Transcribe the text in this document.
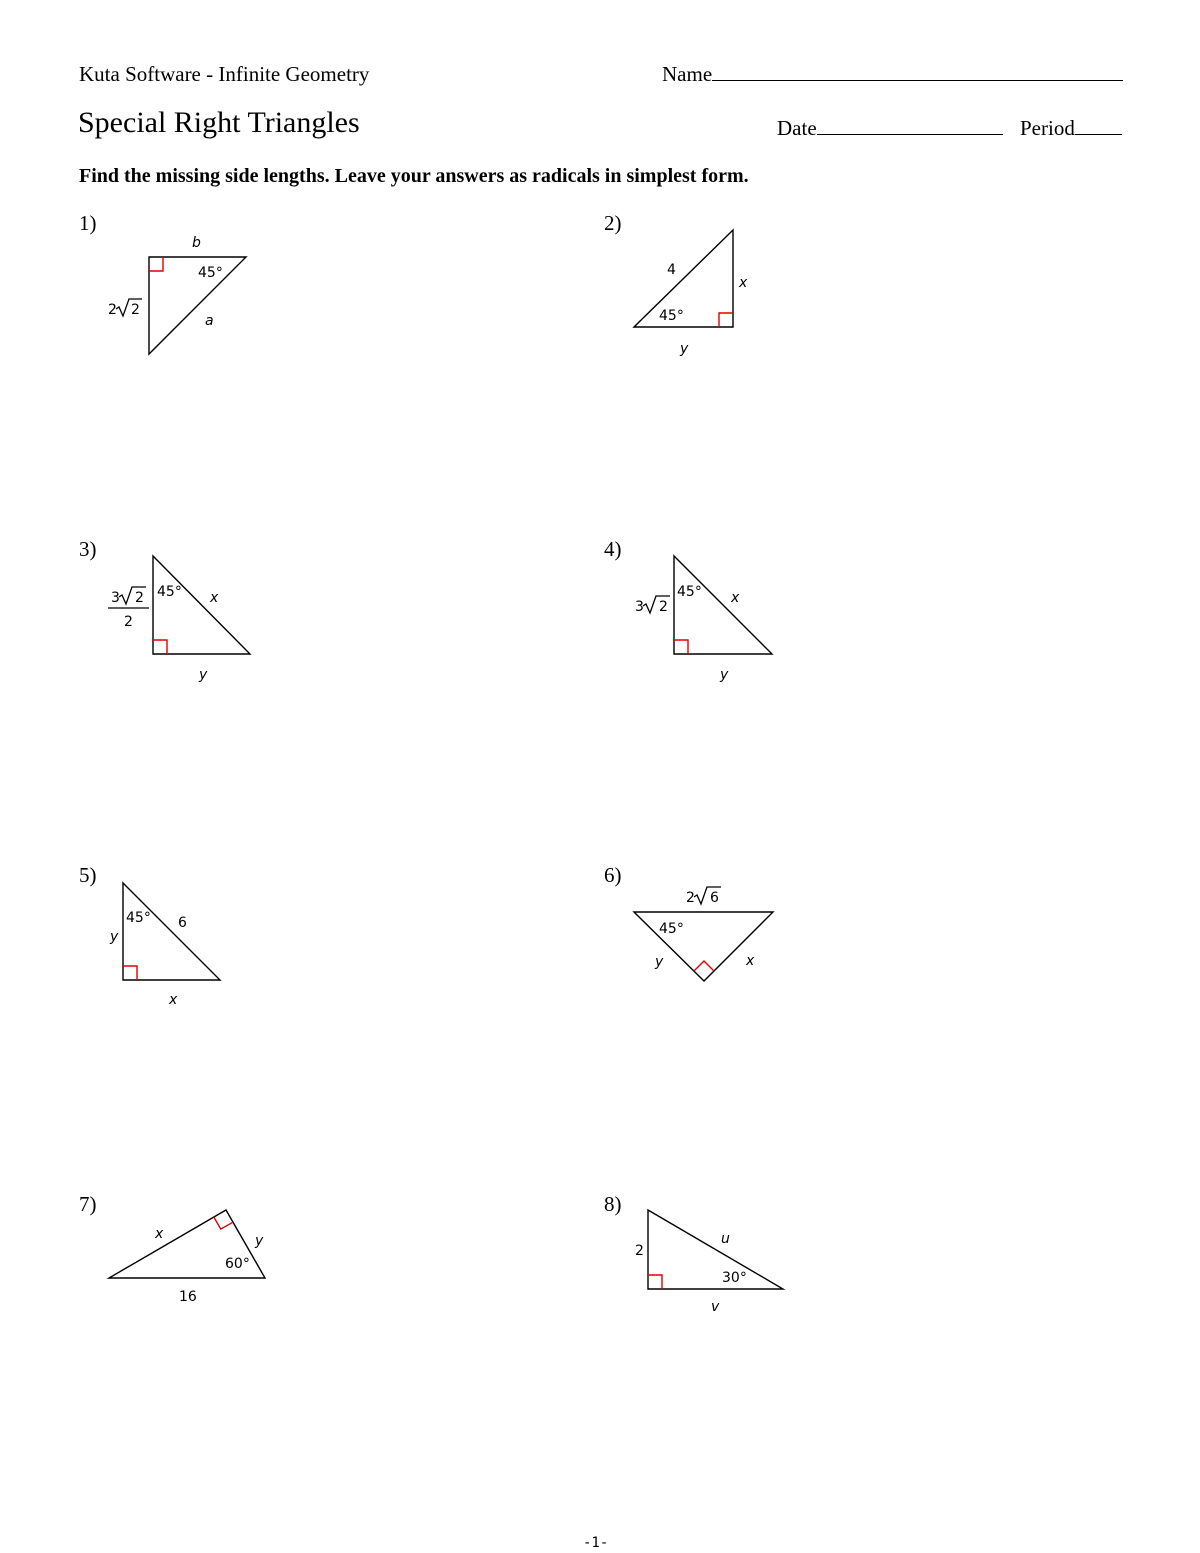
Kuta Software - Infinite Geometry	Name
Special Right Triangles	Date	Period
Find the missing side lengths. Leave your answers as radicals in simplest form.
1)	2)
3)	4)
5)	6)
7)	8)
b
45°
a
2 2
4
x
45°
y
45° x
y
3 2
2
45° x
y
3 2
45° 6
y
x
2 6
45°
y	x
x	y
60°
16
2
u
30°
v
-1-
